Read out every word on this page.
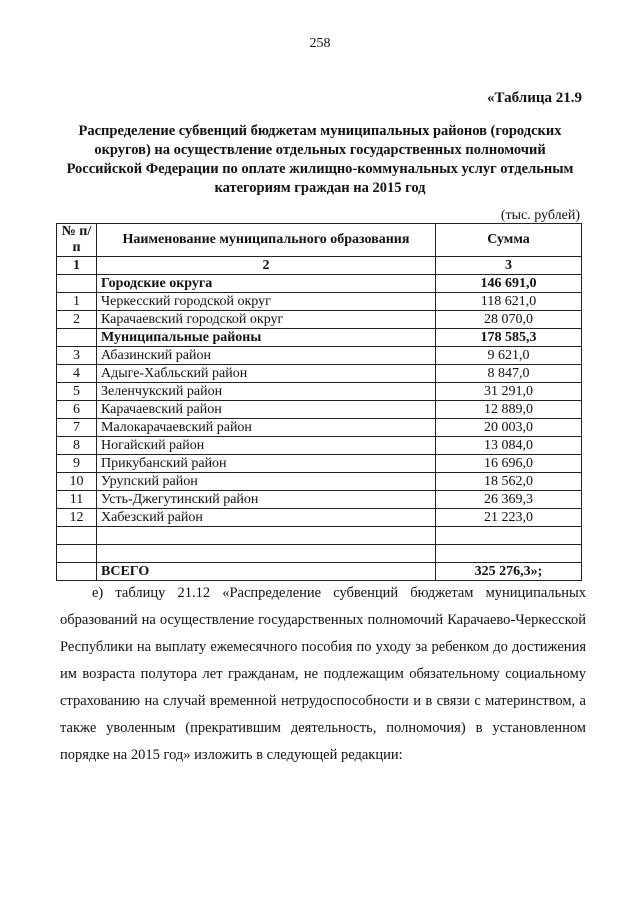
258
«Таблица 21.9
Распределение субвенций бюджетам муниципальных районов (городских округов) на осуществление отдельных государственных полномочий Российской Федерации по оплате жилищно-коммунальных услуг отдельным категориям граждан на 2015 год
(тыс. рублей)
№ п/п	Наименование муниципального образования	Сумма
1	2	3
	Городские округа	146 691,0
1	Черкесский городской округ	118 621,0
2	Карачаевский городской округ	28 070,0
	Муниципальные районы	178 585,3
3	Абазинский район	9 621,0
4	Адыге-Хабльский район	8 847,0
5	Зеленчукский район	31 291,0
6	Карачаевский район	12 889,0
7	Малокарачаевский район	20 003,0
8	Ногайский район	13 084,0
9	Прикубанский район	16 696,0
10	Урупский район	18 562,0
11	Усть-Джегутинский район	26 369,3
12	Хабезский район	21 223,0

	ВСЕГО	325 276,3»;
е) таблицу 21.12 «Распределение субвенций бюджетам муниципальных образований на осуществление государственных полномочий Карачаево-Черкесской Республики на выплату ежемесячного пособия по уходу за ребенком до достижения им возраста полутора лет гражданам, не подлежащим обязательному социальному страхованию на случай временной нетрудоспособности и в связи с материнством, а также уволенным (прекратившим деятельность, полномочия) в установленном порядке на 2015 год» изложить в следующей редакции:
